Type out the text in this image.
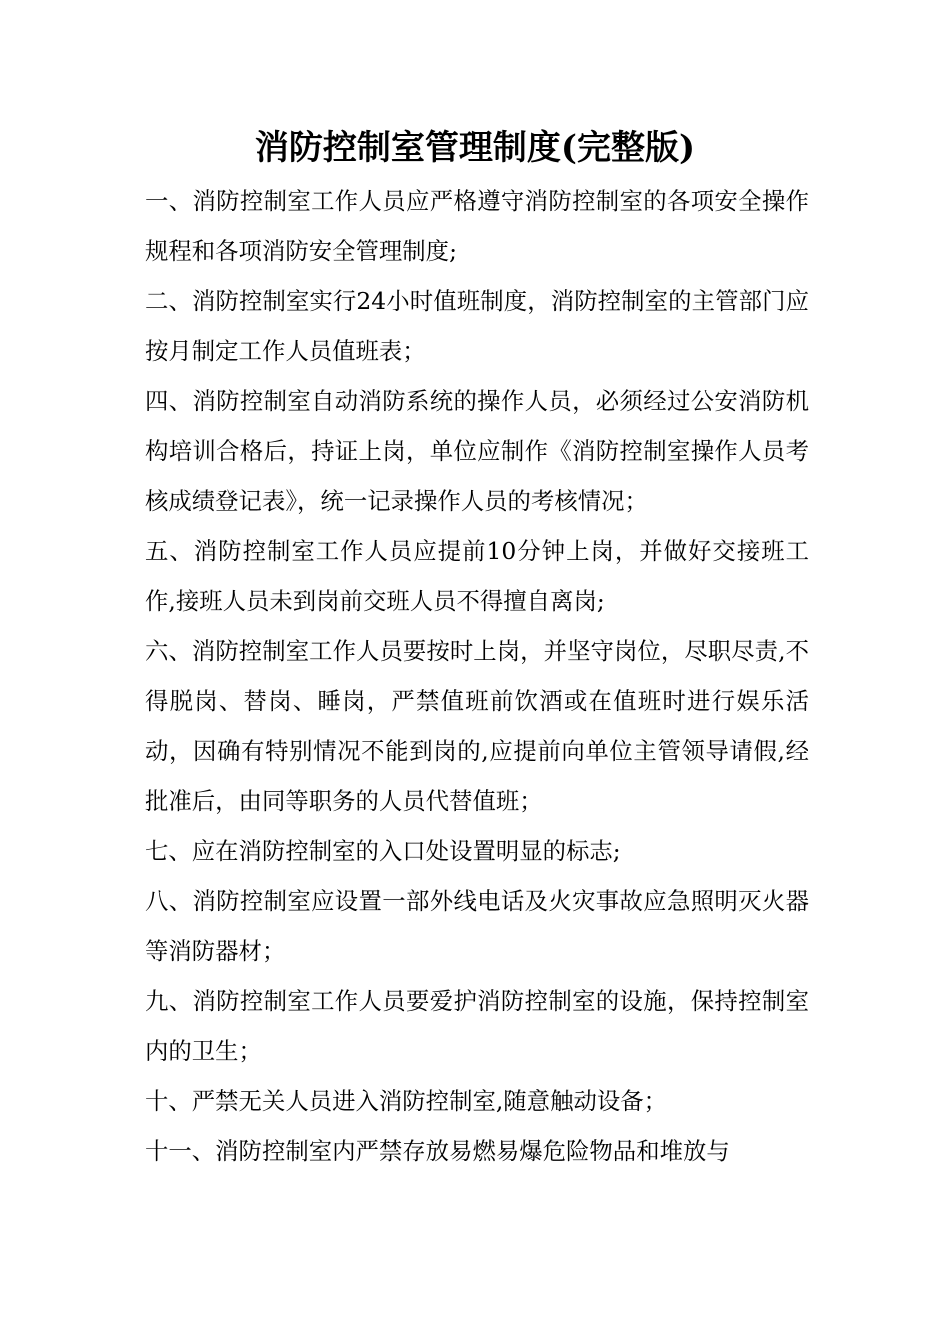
消防控制室管理制度(完整版)

一、消防控制室工作人员应严格遵守消防控制室的各项安全操作规程和各项消防安全管理制度;

二、消防控制室实行24小时值班制度，消防控制室的主管部门应按月制定工作人员值班表；

四、消防控制室自动消防系统的操作人员，必须经过公安消防机构培训合格后，持证上岗，单位应制作《消防控制室操作人员考核成绩登记表》，统一记录操作人员的考核情况；

五、消防控制室工作人员应提前10分钟上岗，并做好交接班工作,接班人员未到岗前交班人员不得擅自离岗;

六、消防控制室工作人员要按时上岗，并坚守岗位，尽职尽责,不得脱岗、替岗、睡岗，严禁值班前饮酒或在值班时进行娱乐活动，因确有特别情况不能到岗的,应提前向单位主管领导请假,经批准后，由同等职务的人员代替值班；

七、应在消防控制室的入口处设置明显的标志;

八、消防控制室应设置一部外线电话及火灾事故应急照明灭火器等消防器材；

九、消防控制室工作人员要爱护消防控制室的设施，保持控制室内的卫生；

十、严禁无关人员进入消防控制室,随意触动设备；

十一、消防控制室内严禁存放易燃易爆危险物品和堆放与
